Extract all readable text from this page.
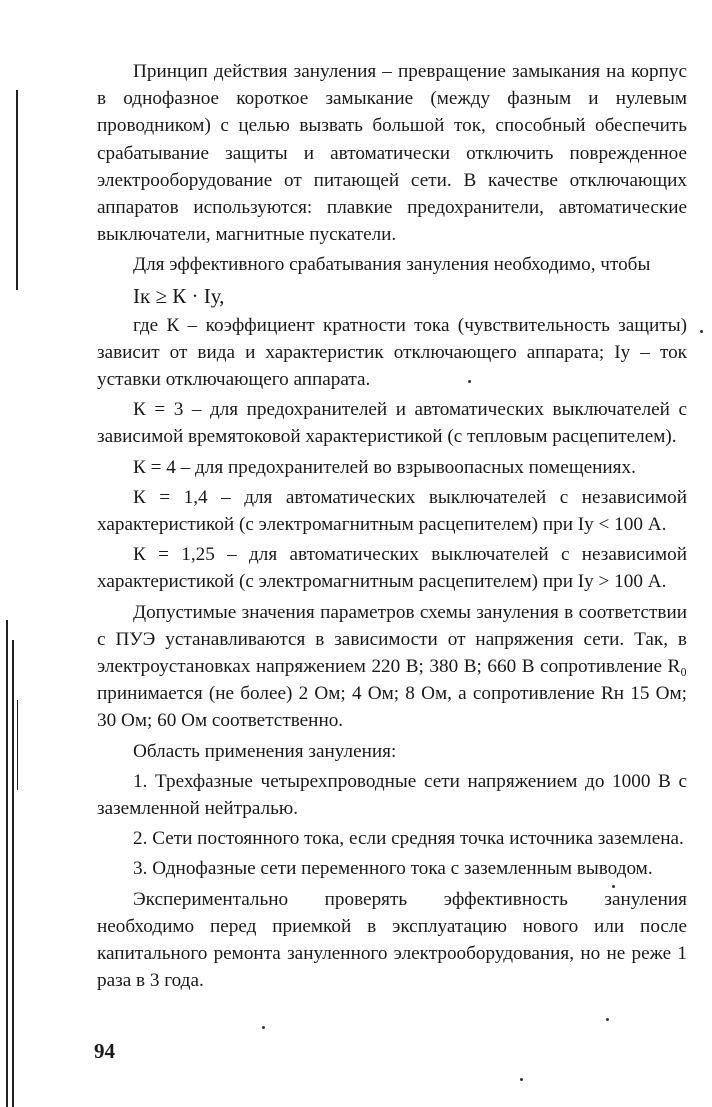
Принцип действия зануления – превращение замыкания на корпус в однофазное короткое замыкание (между фазным и нулевым проводником) с целью вызвать большой ток, способный обеспечить срабатывание защиты и автоматически отключить поврежденное электрооборудование от питающей сети. В качестве отключающих аппаратов используются: плавкие предохранители, автоматические выключатели, магнитные пускатели.

Для эффективного срабатывания зануления необходимо, чтобы

Iк ≥ К · Iу,

где К – коэффициент кратности тока (чувствительность защиты) зависит от вида и характеристик отключающего аппарата; Iу – ток уставки отключающего аппарата.

К = 3 – для предохранителей и автоматических выключателей с зависимой времятоковой характеристикой (с тепловым расцепителем).

К = 4 – для предохранителей во взрывоопасных помещениях.

К = 1,4 – для автоматических выключателей с независимой характеристикой (с электромагнитным расцепителем) при Iу < 100 А.

К = 1,25 – для автоматических выключателей с независимой характеристикой (с электромагнитным расцепителем) при Iу > 100 А.

Допустимые значения параметров схемы зануления в соответствии с ПУЭ устанавливаются в зависимости от напряжения сети. Так, в электроустановках напряжением 220 В; 380 В; 660 В сопротивление R₀ принимается (не более) 2 Ом; 4 Ом; 8 Ом, а сопротивление Rн 15 Ом; 30 Ом; 60 Ом соответственно.

Область применения зануления:

1. Трехфазные четырехпроводные сети напряжением до 1000 В с заземленной нейтралью.

2. Сети постоянного тока, если средняя точка источника заземлена.

3. Однофазные сети переменного тока с заземленным выводом.

Экспериментально проверять эффективность зануления необходимо перед приемкой в эксплуатацию нового или после капитального ремонта зануленного электрооборудования, но не реже 1 раза в 3 года.

94
